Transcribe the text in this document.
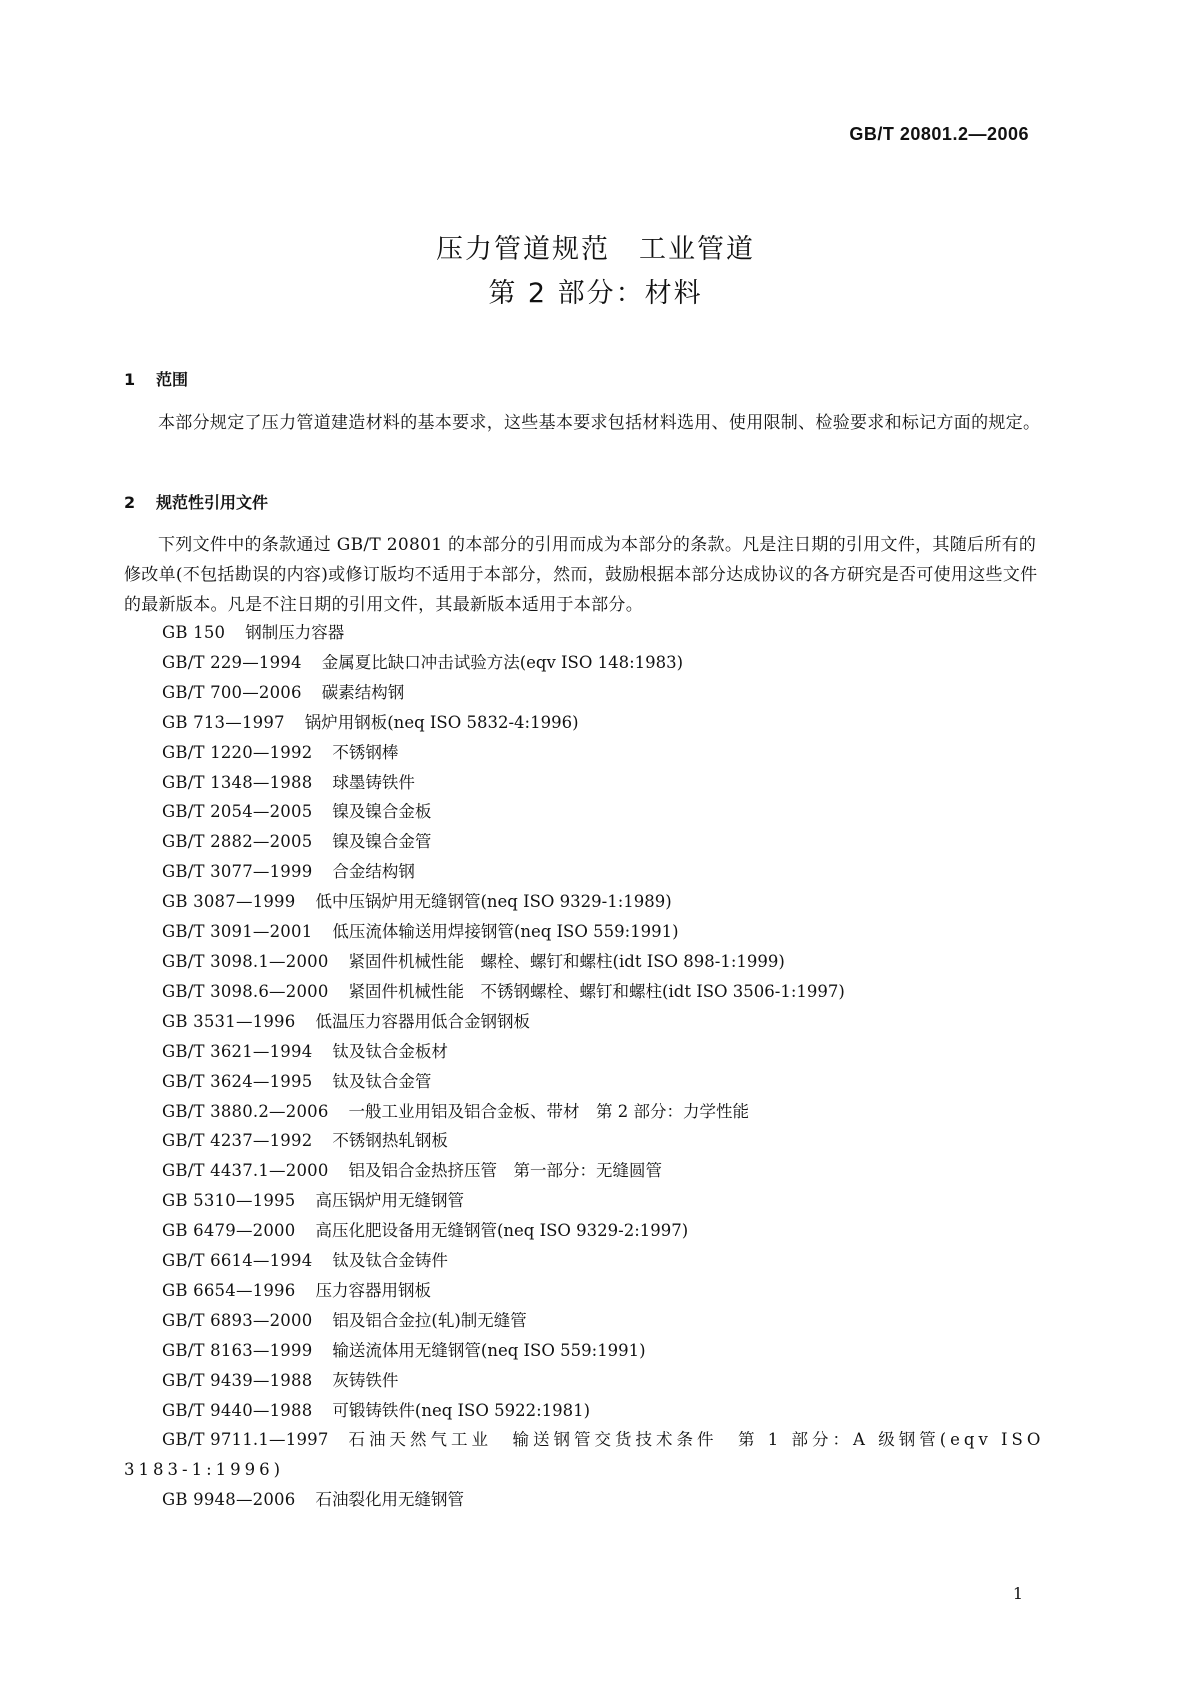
GB/T 20801.2—2006
压力管道规范　工业管道
第 2 部分：材料
1 范围
本部分规定了压力管道建造材料的基本要求，这些基本要求包括材料选用、使用限制、检验要求和标记方面的规定。
2 规范性引用文件
下列文件中的条款通过 GB/T 20801 的本部分的引用而成为本部分的条款。凡是注日期的引用文件，其随后所有的修改单(不包括勘误的内容)或修订版均不适用于本部分，然而，鼓励根据本部分达成协议的各方研究是否可使用这些文件的最新版本。凡是不注日期的引用文件，其最新版本适用于本部分。
GB 150 钢制压力容器
GB/T 229—1994 金属夏比缺口冲击试验方法(eqv ISO 148:1983)
GB/T 700—2006 碳素结构钢
GB 713—1997 锅炉用钢板(neq ISO 5832-4:1996)
GB/T 1220—1992 不锈钢棒
GB/T 1348—1988 球墨铸铁件
GB/T 2054—2005 镍及镍合金板
GB/T 2882—2005 镍及镍合金管
GB/T 3077—1999 合金结构钢
GB 3087—1999 低中压锅炉用无缝钢管(neq ISO 9329-1:1989)
GB/T 3091—2001 低压流体输送用焊接钢管(neq ISO 559:1991)
GB/T 3098.1—2000 紧固件机械性能　螺栓、螺钉和螺柱(idt ISO 898-1:1999)
GB/T 3098.6—2000 紧固件机械性能　不锈钢螺栓、螺钉和螺柱(idt ISO 3506-1:1997)
GB 3531—1996 低温压力容器用低合金钢钢板
GB/T 3621—1994 钛及钛合金板材
GB/T 3624—1995 钛及钛合金管
GB/T 3880.2—2006 一般工业用铝及铝合金板、带材　第 2 部分：力学性能
GB/T 4237—1992 不锈钢热轧钢板
GB/T 4437.1—2000 铝及铝合金热挤压管　第一部分：无缝圆管
GB 5310—1995 高压锅炉用无缝钢管
GB 6479—2000 高压化肥设备用无缝钢管(neq ISO 9329-2:1997)
GB/T 6614—1994 钛及钛合金铸件
GB 6654—1996 压力容器用钢板
GB/T 6893—2000 铝及铝合金拉(轧)制无缝管
GB/T 8163—1999 输送流体用无缝钢管(neq ISO 559:1991)
GB/T 9439—1988 灰铸铁件
GB/T 9440—1988 可锻铸铁件(neq ISO 5922:1981)
GB/T 9711.1—1997 石油天然气工业　输送钢管交货技术条件　第 1 部分：A 级钢管(eqv ISO 3183-1:1996)
GB 9948—2006 石油裂化用无缝钢管
1
